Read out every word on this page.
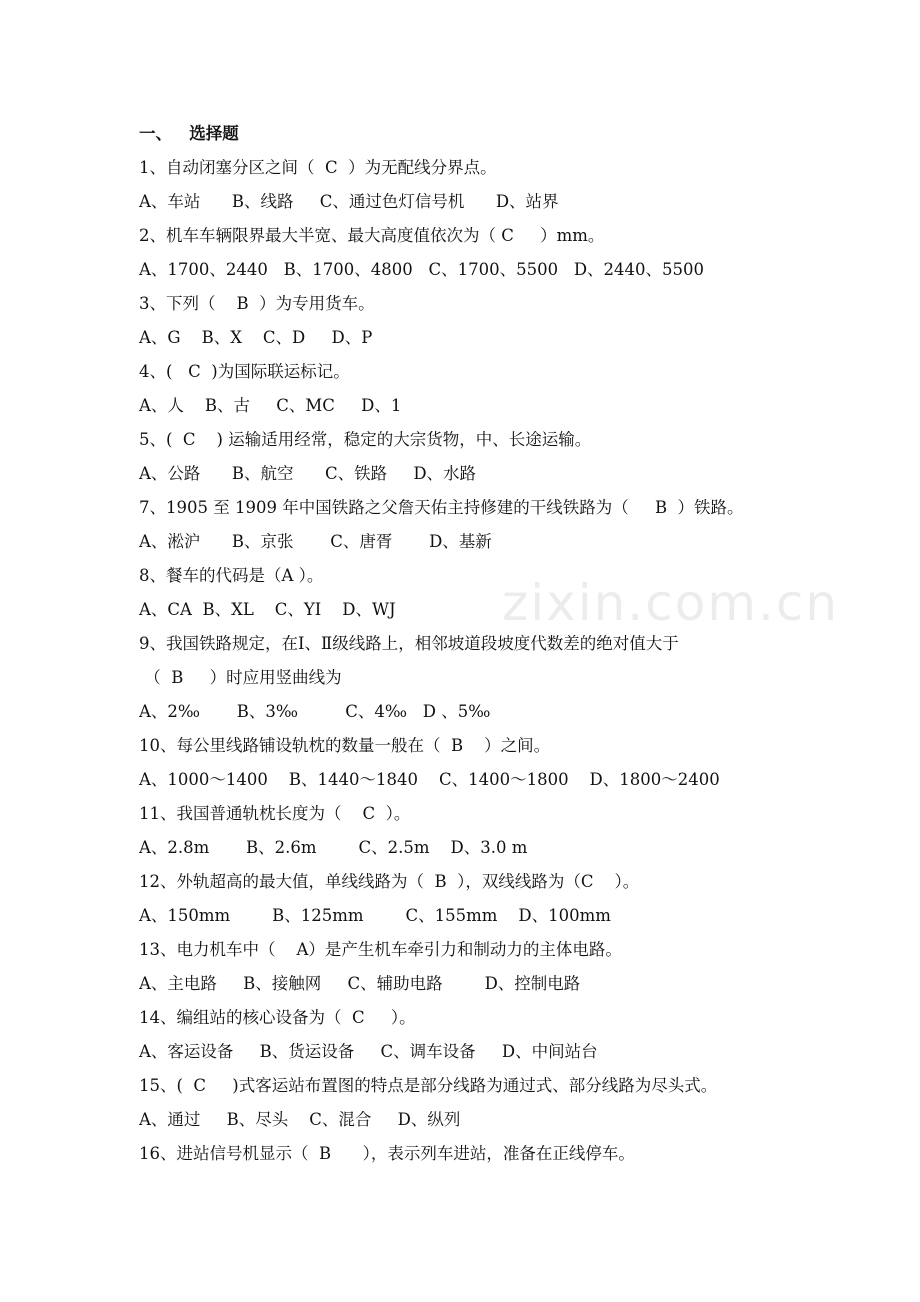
zixin.com.cn

一、   选择题

1、自动闭塞分区之间（  C  ）为无配线分界点。

A、车站      B、线路     C、通过色灯信号机      D、站界

2、机车车辆限界最大半宽、最大高度值依次为（ C     ）mm。

A、1700、2440   B、1700、4800   C、1700、5500   D、2440、5500

3、下列（    B  ）为专用货车。

A、G    B、X    C、D     D、P

4、(   C  )为国际联运标记。

A、人    B、古     C、MC     D、1

5、(  C    ) 运输适用经常，稳定的大宗货物，中、长途运输。

A、公路      B、航空      C、铁路     D、水路

7、1905 至 1909 年中国铁路之父詹天佑主持修建的干线铁路为（     B  ）铁路。

A、淞沪      B、京张       C、唐胥       D、基新

8、餐车的代码是（A ）。

A、CA  B、XL    C、YI    D、WJ

9、我国铁路规定，在Ⅰ、Ⅱ级线路上，相邻坡道段坡度代数差的绝对值大于

（  B     ）时应用竖曲线为

A、2‰       B、3‰         C、4‰   D 、5‰

10、每公里线路铺设轨枕的数量一般在（  B    ）之间。

A、1000～1400    B、1440～1840    C、1400～1800    D、1800～2400

11、我国普通轨枕长度为（    C  ）。

A、2.8m       B、2.6m        C、2.5m    D、3.0 m

12、外轨超高的最大值，单线线路为（  B  ），双线线路为（C    ）。

A、150mm        B、125mm        C、155mm    D、100mm

13、电力机车中（    A）是产生机车牵引力和制动力的主体电路。

A、主电路     B、接触网     C、辅助电路        D、控制电路

14、编组站的核心设备为（  C     ）。

A、客运设备     B、货运设备     C、调车设备     D、中间站台

15、(  C     )式客运站布置图的特点是部分线路为通过式、部分线路为尽头式。

A、通过     B、尽头    C、混合     D、纵列

16、进站信号机显示（  B      ），表示列车进站，准备在正线停车。
